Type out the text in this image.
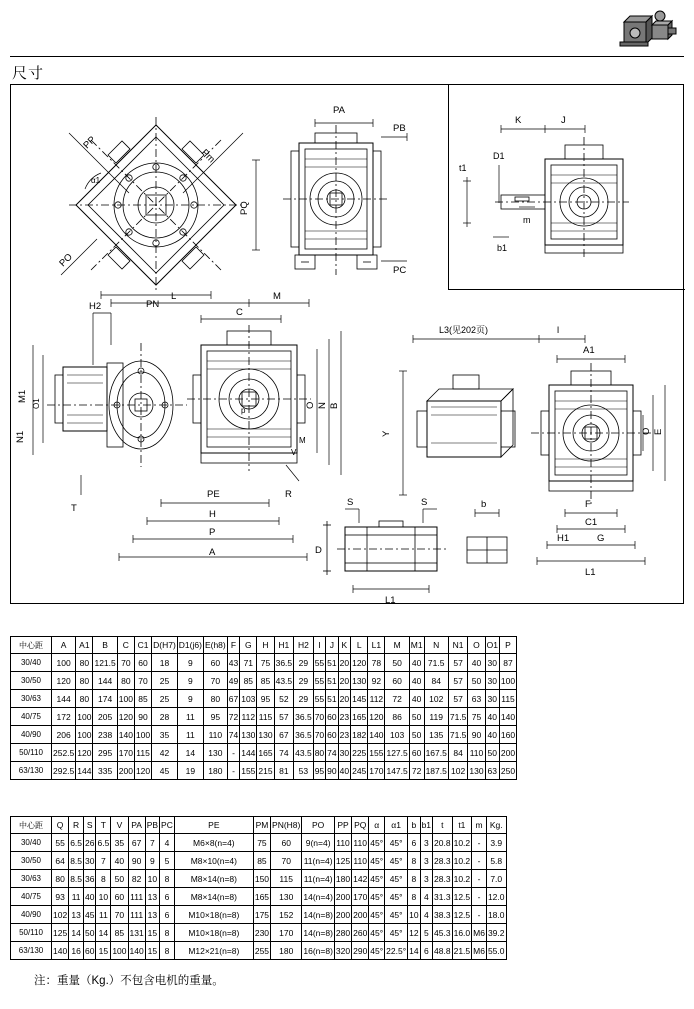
尺寸
PP
Pm
PQ
PO
PN
α1
PA
PB
PC
t1
D1
b1
m
K	J
H2
L	M
C
M1
O1
N1
O N B
V
M
T
PE
H
P
A
R
p
D
S	S
L1
b
L3(见202页)	l
A1
O E
F
C1
H1	G
L1
Y
中心距	A	A1	B	C	C1	D(H7)	D1(j6)	E(h8)	F	G	H	H1	H2	I	J	K	L	L1	M	M1	N	N1	O	O1	P
30/40	100	80	121.5	70	60	18	9	60	43	71	75	36.5	29	55	51	20	120	78	50	40	71.5	57	40	30	87
30/50	120	80	144	80	70	25	9	70	49	85	85	43.5	29	55	51	20	130	92	60	40	84	57	50	30	100
30/63	144	80	174	100	85	25	9	80	67	103	95	52	29	55	51	20	145	112	72	40	102	57	63	30	115
40/75	172	100	205	120	90	28	11	95	72	112	115	57	36.5	70	60	23	165	120	86	50	119	71.5	75	40	140
40/90	206	100	238	140	100	35	11	110	74	130	130	67	36.5	70	60	23	182	140	103	50	135	71.5	90	40	160
50/110	252.5	120	295	170	115	42	14	130	-	144	165	74	43.5	80	74	30	225	155	127.5	60	167.5	84	110	50	200
63/130	292.5	144	335	200	120	45	19	180	-	155	215	81	53	95	90	40	245	170	147.5	72	187.5	102	130	63	250
中心距	Q	R	S	T	V	PA	PB	PC	PE	PM	PN(H8)	PO	PP	PQ	α	α1	b	b1	t	t1	m	Kg.
30/40	55	6.5	26	6.5	35	67	7	4	M6×8(n=4)	75	60	9(n=4)	110	110	45°	45°	6	3	20.8	10.2	-	3.9
30/50	64	8.5	30	7	40	90	9	5	M8×10(n=4)	85	70	11(n=4)	125	110	45°	45°	8	3	28.3	10.2	-	5.8
30/63	80	8.5	36	8	50	82	10	8	M8×14(n=8)	150	115	11(n=4)	180	142	45°	45°	8	3	28.3	10.2	-	7.0
40/75	93	11	40	10	60	111	13	6	M8×14(n=8)	165	130	14(n=4)	200	170	45°	45°	8	4	31.3	12.5	-	12.0
40/90	102	13	45	11	70	111	13	6	M10×18(n=8)	175	152	14(n=8)	200	200	45°	45°	10	4	38.3	12.5	-	18.0
50/110	125	14	50	14	85	131	15	8	M10×18(n=8)	230	170	14(n=8)	280	260	45°	45°	12	5	45.3	16.0	M6	39.2
63/130	140	16	60	15	100	140	15	8	M12×21(n=8)	255	180	16(n=8)	320	290	45°	22.5°	14	6	48.8	21.5	M6	55.0
注：重量（Kg.）不包含电机的重量。
